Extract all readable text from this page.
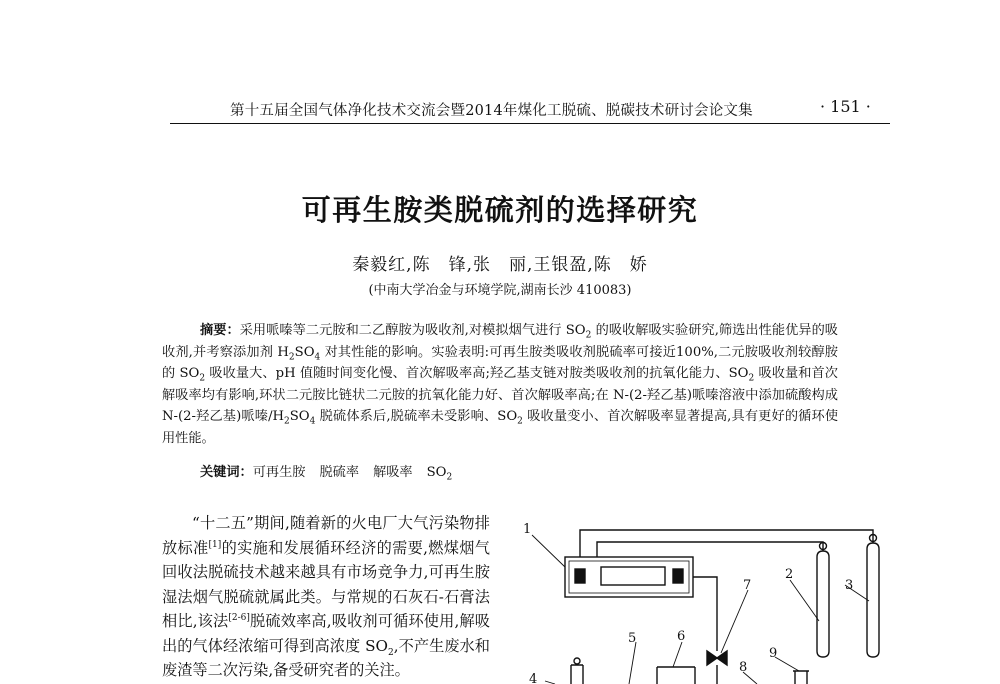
第十五届全国气体净化技术交流会暨2014年煤化工脱硫、脱碳技术研讨会论文集	· 151 ·
可再生胺类脱硫剂的选择研究
秦毅红,陈　锋,张　丽,王银盈,陈　娇
(中南大学冶金与环境学院,湖南长沙 410083)
摘要：采用哌嗪等二元胺和二乙醇胺为吸收剂,对模拟烟气进行 $SO_2$ 的吸收解吸实验研究,筛选出性能优异的吸收剂,并考察添加剂 $H_2SO_4$ 对其性能的影响。实验表明:可再生胺类吸收剂脱硫率可接近100%,二元胺吸收剂较醇胺的 $SO_2$ 吸收量大、pH 值随时间变化慢、首次解吸率高;羟乙基支链对胺类吸收剂的抗氧化能力、$SO_2$ 吸收量和首次解吸率均有影响,环状二元胺比链状二元胺的抗氧化能力好、首次解吸率高;在 N-(2-羟乙基)哌嗪溶液中添加硫酸构成 N-(2-羟乙基)哌嗪$/H_2SO_4$ 脱硫体系后,脱硫率未受影响、$SO_2$ 吸收量变小、首次解吸率显著提高,具有更好的循环使用性能。
关键词：可再生胺 脱硫率 解吸率 $SO_2$
“十二五”期间,随着新的火电厂大气污染物排放标准[1]的实施和发展循环经济的需要,燃煤烟气回收法脱硫技术越来越具有市场竞争力,可再生胺湿法烟气脱硫就属此类。与常规的石灰石-石膏法相比,该法[2-6]脱硫效率高,吸收剂可循环使用,解吸出的气体经浓缩可得到高浓度 $SO_2$,不产生废水和废渣等二次污染,备受研究者的关注。
1
2
3
4
5	6
7
8
9
